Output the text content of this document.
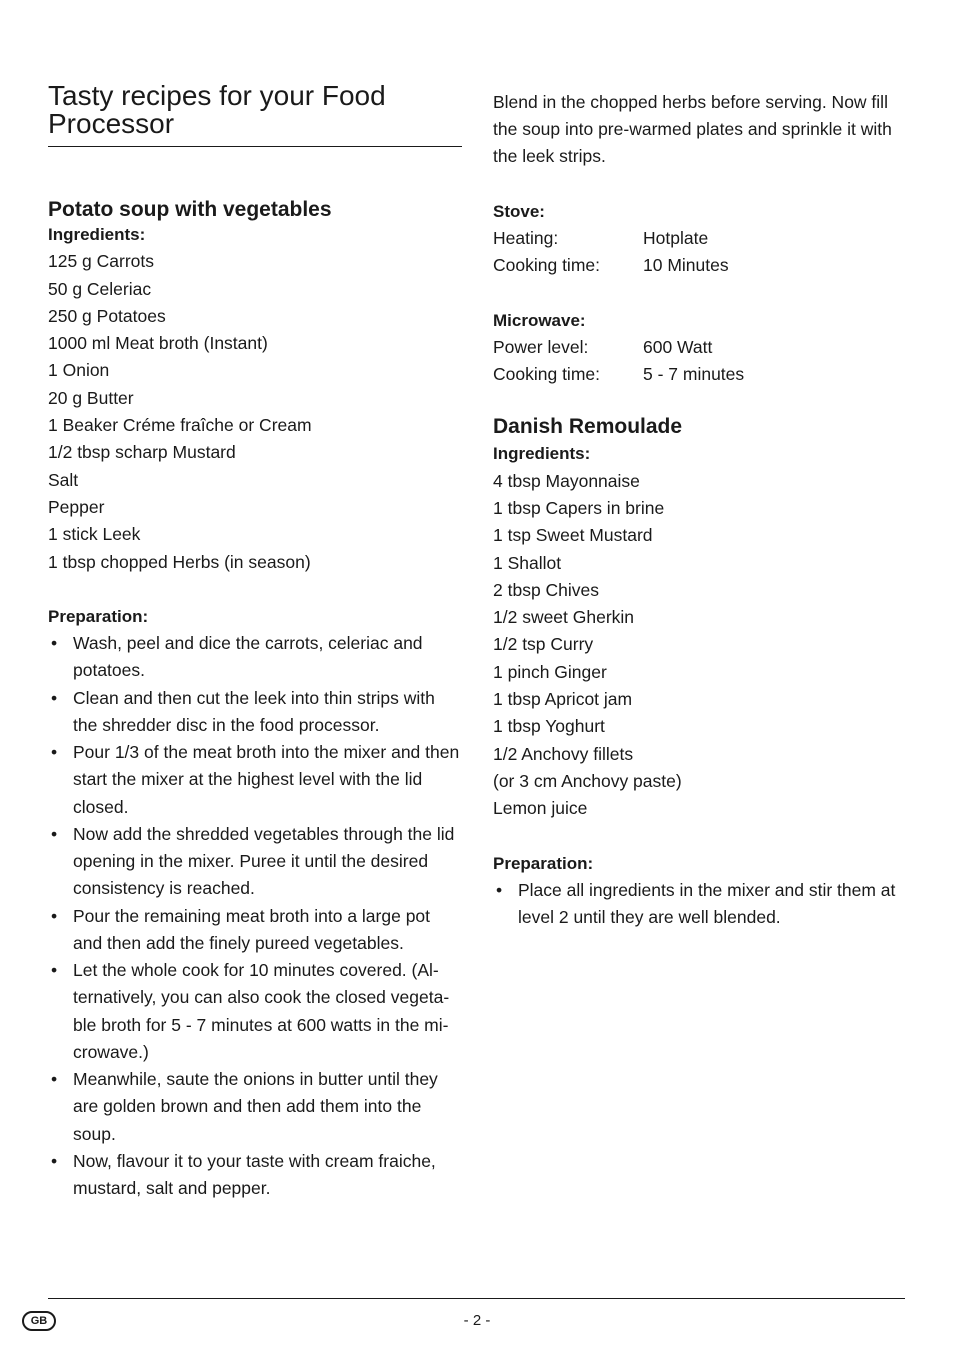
Tasty recipes for your Food Processor
Potato soup with vegetables
Ingredients:
125 g Carrots
50 g Celeriac
250 g Potatoes
1000 ml Meat broth (Instant)
1 Onion
20 g Butter
1 Beaker Créme fraîche or Cream
1/2 tbsp scharp Mustard
Salt
Pepper
1 stick Leek
1 tbsp chopped Herbs (in season)
Preparation:
• Wash, peel and dice the carrots, celeriac and potatoes.
• Clean and then cut the leek into thin strips with the shredder disc in the food processor.
• Pour 1/3 of the meat broth into the mixer and then start the mixer at the highest level with the lid closed.
• Now add the shredded vegetables through the lid opening in the mixer. Puree it until the desired consistency is reached.
• Pour the remaining meat broth into a large pot and then add the finely pureed vegetables.
• Let the whole cook for 10 minutes covered. (Alternatively, you can also cook the closed vegetable broth for 5 - 7 minutes at 600 watts in the microwave.)
• Meanwhile, saute the onions in butter until they are golden brown and then add them into the soup.
• Now, flavour it to your taste with cream fraiche, mustard, salt and pepper.
Blend in the chopped herbs before serving. Now fill the soup into pre-warmed plates and sprinkle it with the leek strips.
Stove:
Heating:	Hotplate
Cooking time:	10 Minutes
Microwave:
Power level:	600 Watt
Cooking time:	5 - 7 minutes
Danish Remoulade
Ingredients:
4 tbsp Mayonnaise
1 tbsp Capers in brine
1 tsp Sweet Mustard
1 Shallot
2 tbsp Chives
1/2 sweet Gherkin
1/2 tsp Curry
1 pinch Ginger
1 tbsp Apricot jam
1 tbsp Yoghurt
1/2 Anchovy fillets
(or 3 cm Anchovy paste)
Lemon juice
Preparation:
• Place all ingredients in the mixer and stir them at level 2 until they are well blended.
GB	- 2 -
